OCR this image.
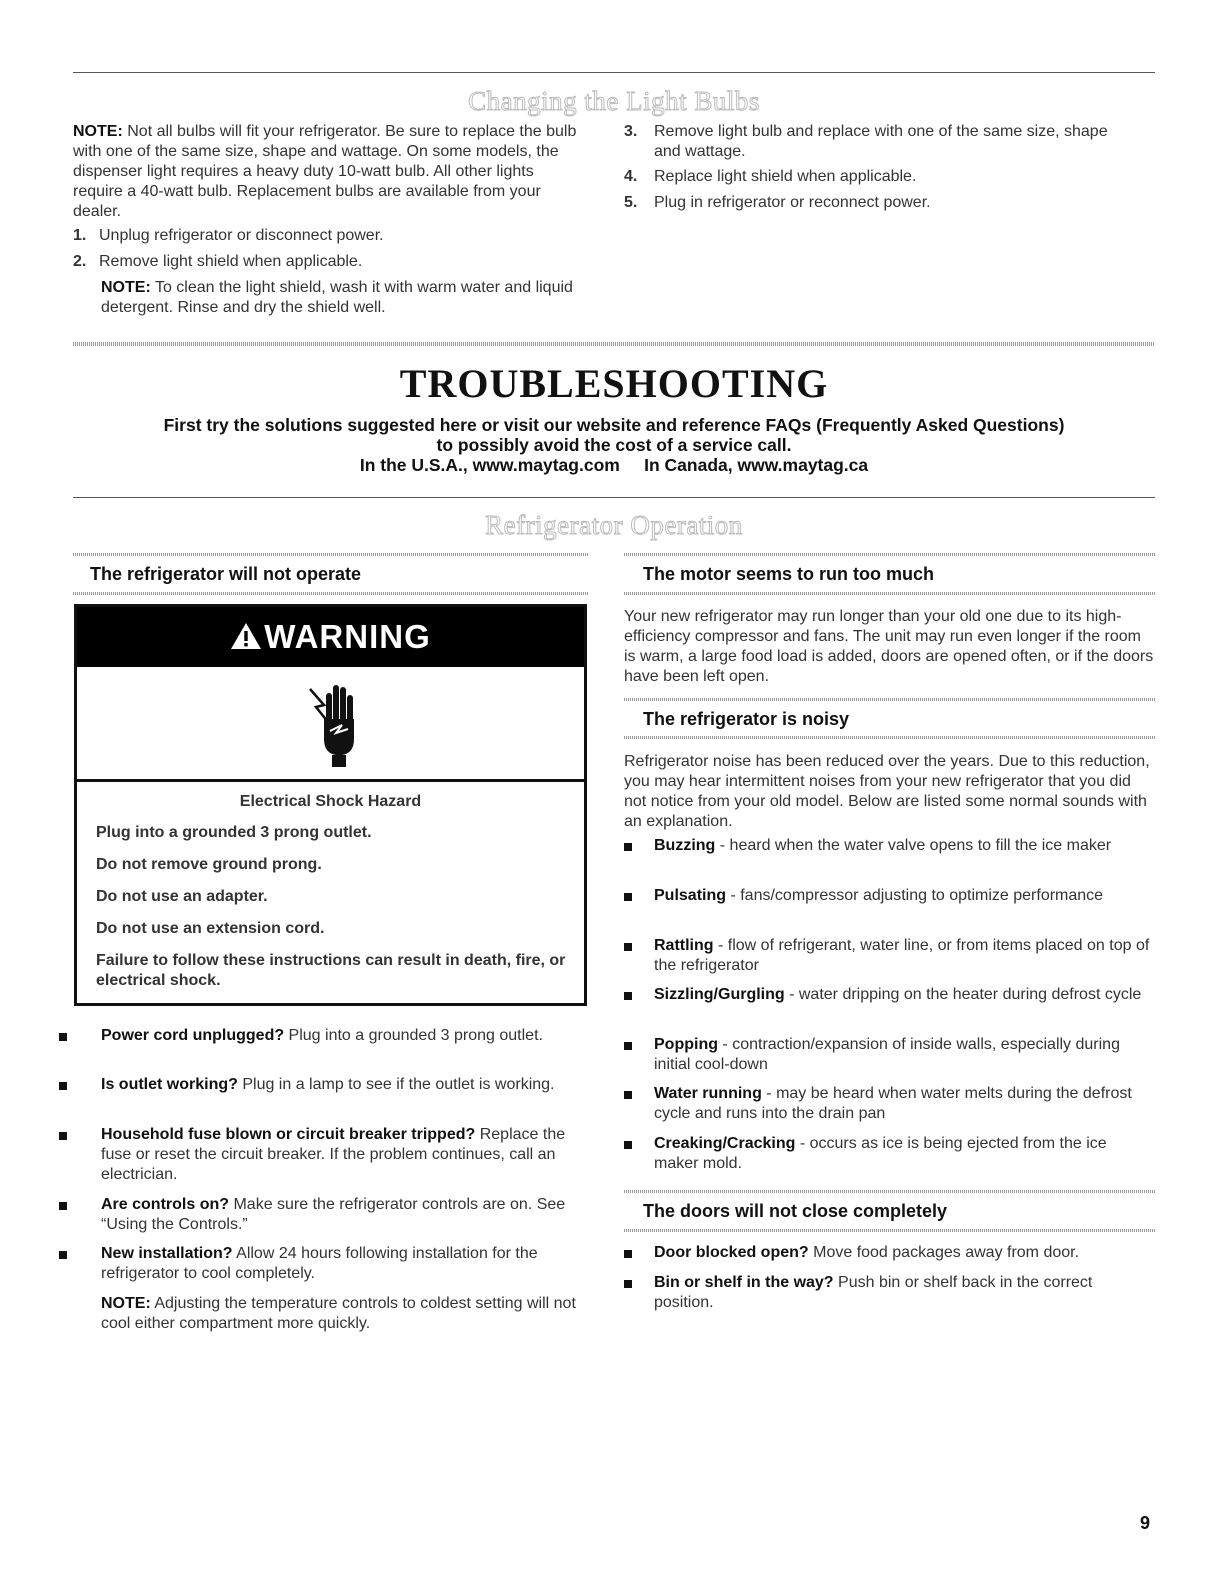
Changing the Light Bulbs
NOTE: Not all bulbs will fit your refrigerator. Be sure to replace the bulb with one of the same size, shape and wattage. On some models, the dispenser light requires a heavy duty 10-watt bulb. All other lights require a 40-watt bulb. Replacement bulbs are available from your dealer.
1. Unplug refrigerator or disconnect power.
2. Remove light shield when applicable.
NOTE: To clean the light shield, wash it with warm water and liquid detergent. Rinse and dry the shield well.
3.	Remove light bulb and replace with one of the same size, shape and wattage.
4.	Replace light shield when applicable.
5.	Plug in refrigerator or reconnect power.
TROUBLESHOOTING
First try the solutions suggested here or visit our website and reference FAQs (Frequently Asked Questions)
to possibly avoid the cost of a service call.
In the U.S.A., www.maytag.com     In Canada, www.maytag.ca
Refrigerator Operation
The refrigerator will not operate
WARNING
Electrical Shock Hazard
Plug into a grounded 3 prong outlet.
Do not remove ground prong.
Do not use an adapter.
Do not use an extension cord.
Failure to follow these instructions can result in death, fire, or electrical shock.
Power cord unplugged? Plug into a grounded 3 prong outlet.
Is outlet working? Plug in a lamp to see if the outlet is working.
Household fuse blown or circuit breaker tripped? Replace the fuse or reset the circuit breaker. If the problem continues, call an electrician.
Are controls on? Make sure the refrigerator controls are on. See “Using the Controls.”
New installation? Allow 24 hours following installation for the refrigerator to cool completely.
NOTE: Adjusting the temperature controls to coldest setting will not cool either compartment more quickly.
The motor seems to run too much
Your new refrigerator may run longer than your old one due to its high-efficiency compressor and fans. The unit may run even longer if the room is warm, a large food load is added, doors are opened often, or if the doors have been left open.
The refrigerator is noisy
Refrigerator noise has been reduced over the years. Due to this reduction, you may hear intermittent noises from your new refrigerator that you did not notice from your old model. Below are listed some normal sounds with an explanation.
Buzzing - heard when the water valve opens to fill the ice maker
Pulsating - fans/compressor adjusting to optimize performance
Rattling - flow of refrigerant, water line, or from items placed on top of the refrigerator
Sizzling/Gurgling - water dripping on the heater during defrost cycle
Popping - contraction/expansion of inside walls, especially during initial cool-down
Water running - may be heard when water melts during the defrost cycle and runs into the drain pan
Creaking/Cracking - occurs as ice is being ejected from the ice maker mold.
The doors will not close completely
Door blocked open? Move food packages away from door.
Bin or shelf in the way? Push bin or shelf back in the correct position.
9
